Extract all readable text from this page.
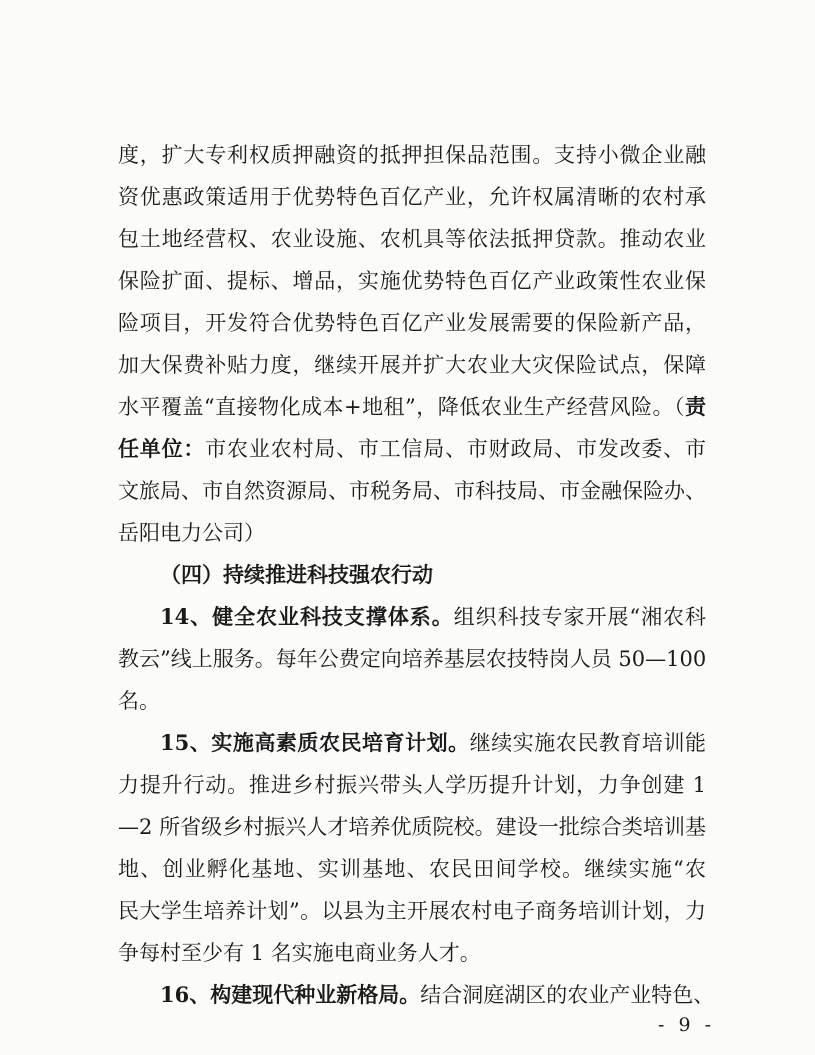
度，扩大专利权质押融资的抵押担保品范围。支持小微企业融
资优惠政策适用于优势特色百亿产业，允许权属清晰的农村承
包土地经营权、农业设施、农机具等依法抵押贷款。推动农业
保险扩面、提标、增品，实施优势特色百亿产业政策性农业保
险项目，开发符合优势特色百亿产业发展需要的保险新产品，
加大保费补贴力度，继续开展并扩大农业大灾保险试点，保障
水平覆盖“直接物化成本+地租”，降低农业生产经营风险。（责
任单位：市农业农村局、市工信局、市财政局、市发改委、市
文旅局、市自然资源局、市税务局、市科技局、市金融保险办、
岳阳电力公司）
（四）持续推进科技强农行动
14、健全农业科技支撑体系。组织科技专家开展“湘农科
教云”线上服务。每年公费定向培养基层农技特岗人员 50—100
名。
15、实施高素质农民培育计划。继续实施农民教育培训能
力提升行动。推进乡村振兴带头人学历提升计划，力争创建 1
—2 所省级乡村振兴人才培养优质院校。建设一批综合类培训基
地、创业孵化基地、实训基地、农民田间学校。继续实施“农
民大学生培养计划”。以县为主开展农村电子商务培训计划，力
争每村至少有 1 名实施电商业务人才。
16、构建现代种业新格局。结合洞庭湖区的农业产业特色、
- 9 -
